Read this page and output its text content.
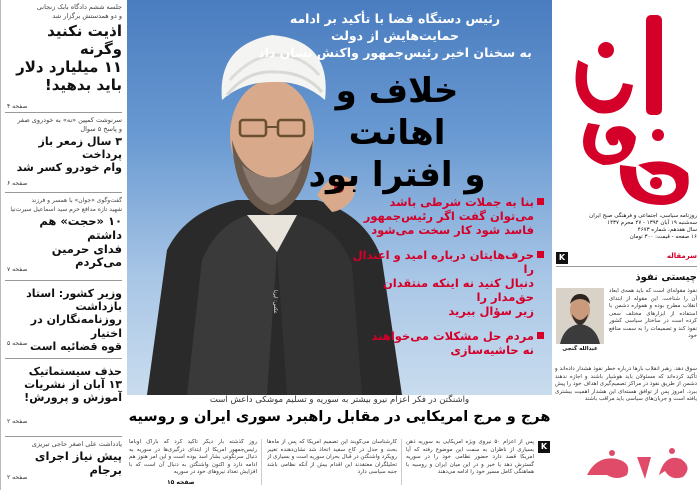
جلسه ششم دادگاه بابک زنجانی
و دو همدستش برگزار شد
اذیت نکنید وگرنه
۱۱ میلیارد دلار
باید بدهید!
صفحه ۴
سرنوشت کمپین «نه» به خودروی صفر
و پاسخ ۵ سوال
۳ سال زمعر باز پرداخت
وام خودرو کسر شد
صفحه ۶
گفت‌وگوی «جوان» با همسر و فرزند
شهید تازه مدافع حرم سید اسماعیل سیرت‌نیا
۱۰ «حجت» هم داشتم
فدای حرمین می‌کردم
صفحه ۷
وزیر کشور: استاد بازداشت
روزنامه‌نگاران در اختیار
قوه قضائیه است
صفحه ۵
حذف سیستماتیک
۱۳ آبان از نشریات
آموزش و پرورش!
صفحه ۲
یادداشت علی اصغر حاجی تبریزی
پیش نیاز اجرای برجام
صفحه ۲
عکس: ایرنا
رئیس دستگاه قضا با تأکید بر ادامه حمایت‌هایش از دولت
به سخنان اخیر رئیس‌جمهور واکنش نشان داد
خلاف و اهانت
و افترا بود
بنا به جملات شرطی باشد
می‌توان گفت اگر رئیس‌جمهور
فاسد شود کار سخت می‌شود
حرف‌هایتان درباره امید و اعتدال را
دنبال کنید نه اینکه منتقدان حق‌مدار را
زیر سؤال ببرید
مردم حل مشکلات می‌خواهند
نه حاشیه‌سازی
واشنگتن در فکر اعزام نیرو بیشتر به سوریه و تسلیم موشکی داعش است
هرج و مرج امریکایی در مقابل راهبرد سوری ایران و روسیه
K
پس از اعزام ۵۰ نیروی ویژه امریکایی به سوریه ذهن بسیاری از ناظران به سمت این موضوع رفته که آیا امریکا قصد دارد حضور نظامی خود را در سوریه گسترش دهد یا خیر و در این میان ایران و روسیه با هماهنگی کامل مسیر خود را ادامه می‌دهند
کارشناسان می‌گویند این تصمیم امریکا که پس از ماه‌ها بحث و جدل در کاخ سفید اتخاذ شد نشان‌دهنده تغییر رویکرد واشنگتن در قبال بحران سوریه است و بسیاری از تحلیلگران معتقدند این اقدام بیش از آنکه نظامی باشد جنبه سیاسی دارد
روز گذشته بار دیگر تأکید کرد که باراک اوباما رئیس‌جمهور امریکا از ابتدای درگیری‌ها در سوریه به دنبال سرنگونی بشار اسد بوده است و این امر هنوز هم ادامه دارد و اکنون واشنگتن به دنبال آن است که با افزایش تعداد نیروهای خود در سوریه
صفحه ۱۵
روزنامه سیاسی، اجتماعی و فرهنگی صبح ایران
سه‌شنبه ۱۹ آبان ۱۳۹۴ - ۲۷ محرم ۱۴۳۷
سال هفدهم، شماره ۴۶۷۳
۱۶ صفحه - قیمت: ۳۰۰ تومان
K	سرمقاله
چیستی نفوذ
عبدالله گنجی
نفوذ مقوله‌ای است که باید همه‌ی ابعاد آن را شناخت. این مقوله از ابتدای انقلاب مطرح بوده و همواره دشمن با استفاده از ابزارهای مختلف سعی کرده است در ساختار سیاسی کشور نفوذ کند و تصمیمات را به سمت منافع خود
سوق دهد. رهبر انقلاب بارها درباره خطر نفوذ هشدار داده‌اند و تأکید کرده‌اند که مسئولان باید هوشیار باشند و اجازه ندهند دشمن از طریق نفوذ در مراکز تصمیم‌گیری اهداف خود را پیش ببرد. امروز پس از توافق هسته‌ای این هشدار اهمیت بیشتری یافته است و جریان‌های سیاسی باید مراقب باشند
